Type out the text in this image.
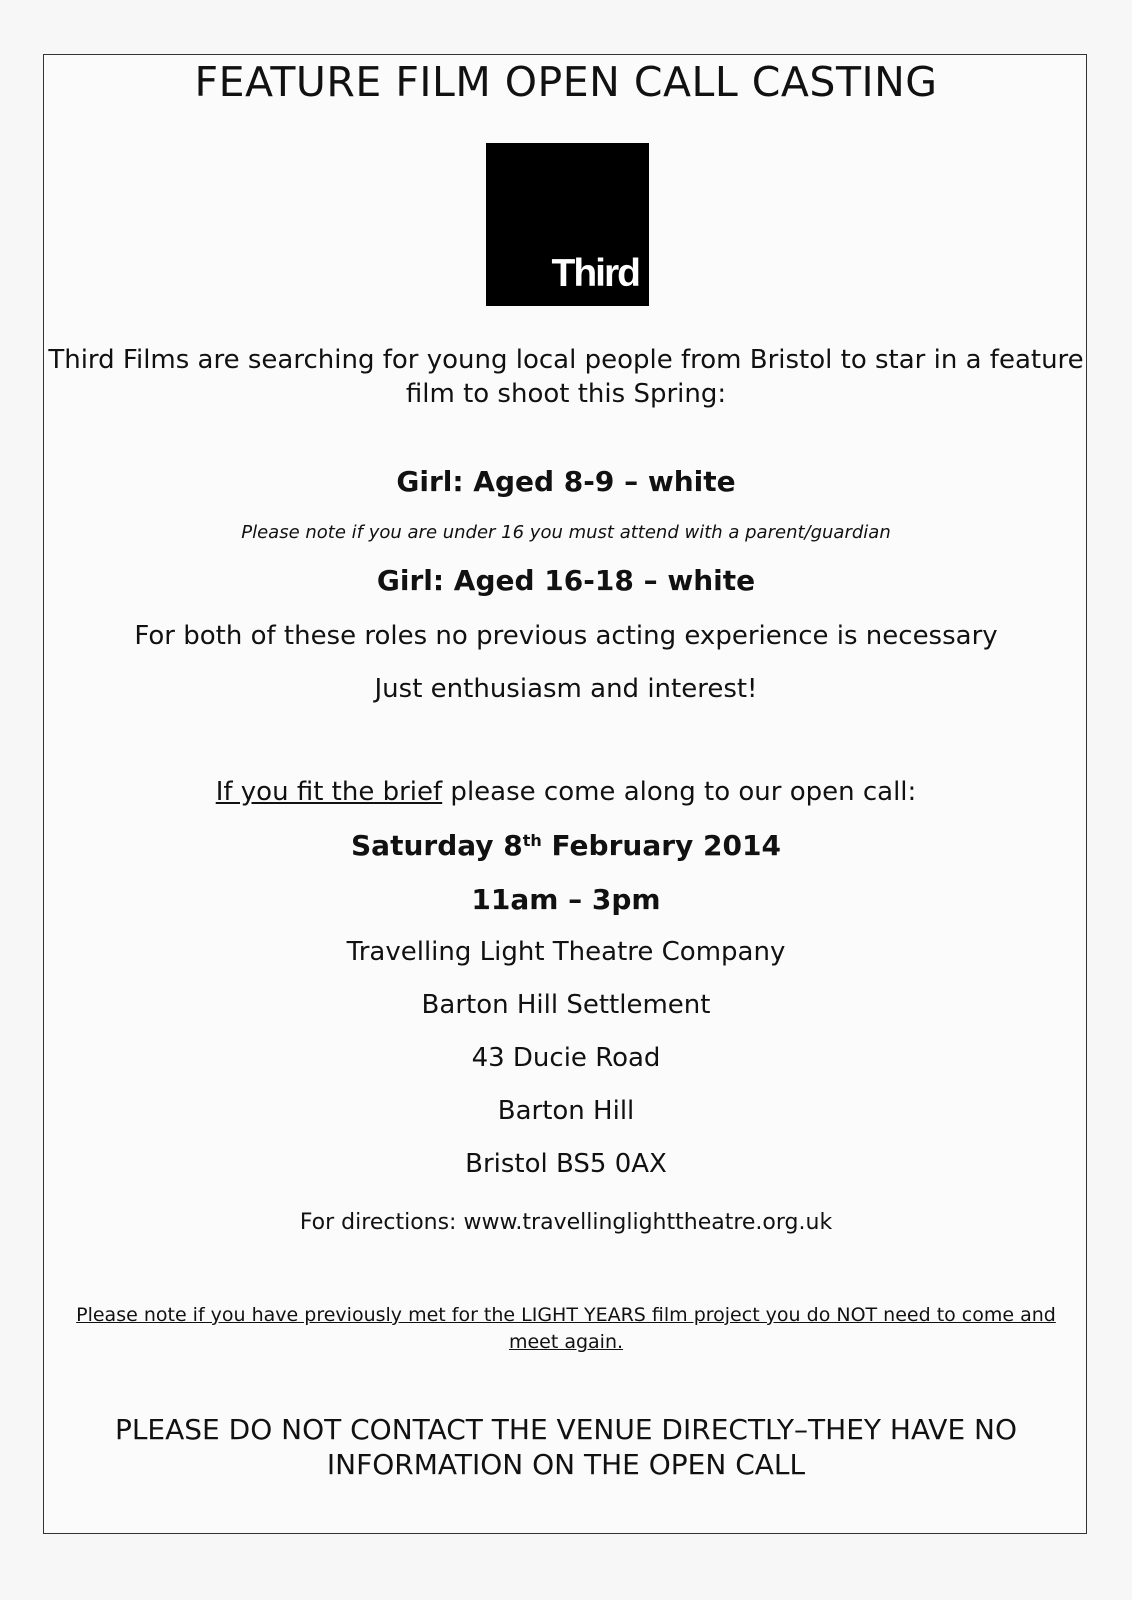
FEATURE FILM OPEN CALL CASTING
Third
Third Films are searching for young local people from Bristol to star in a feature
film to shoot this Spring:
Girl: Aged 8-9 – white
Please note if you are under 16 you must attend with a parent/guardian
Girl: Aged 16-18 – white
For both of these roles no previous acting experience is necessary
Just enthusiasm and interest!
If you fit the brief please come along to our open call:
Saturday 8th February 2014
11am – 3pm
Travelling Light Theatre Company
Barton Hill Settlement
43 Ducie Road
Barton Hill
Bristol BS5 0AX
For directions: www.travellinglighttheatre.org.uk
Please note if you have previously met for the LIGHT YEARS film project you do NOT need to come and
meet again.
PLEASE DO NOT CONTACT THE VENUE DIRECTLY–THEY HAVE NO
INFORMATION ON THE OPEN CALL
